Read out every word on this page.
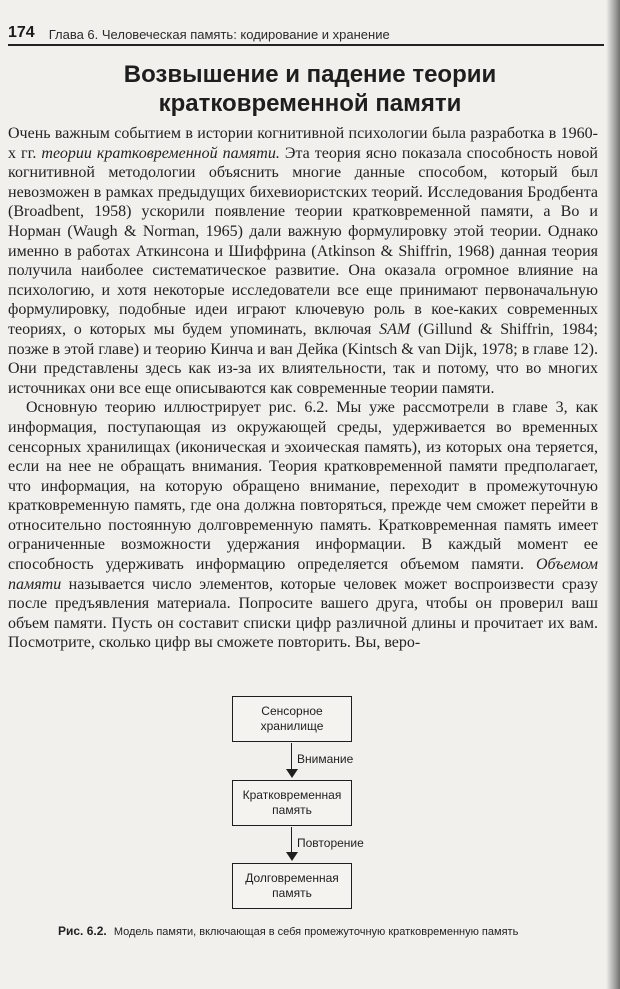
174 Глава 6. Человеческая память: кодирование и хранение
Возвышение и падение теории кратковременной памяти

Очень важным событием в истории когнитивной психологии была разработка в 1960-х гг. теории кратковременной памяти. Эта теория ясно показала способность новой когнитивной методологии объяснить многие данные способом, который был невозможен в рамках предыдущих бихевиористских теорий. Исследования Бродбента (Broadbent, 1958) ускорили появление теории кратковременной памяти, а Во и Норман (Waugh & Norman, 1965) дали важную формулировку этой теории. Однако именно в работах Аткинсона и Шиффрина (Atkinson & Shiffrin, 1968) данная теория получила наиболее систематическое развитие. Она оказала огромное влияние на психологию, и хотя некоторые исследователи все еще принимают первоначальную формулировку, подобные идеи играют ключевую роль в кое-каких современных теориях, о которых мы будем упоминать, включая SAM (Gillund & Shiffrin, 1984; позже в этой главе) и теорию Кинча и ван Дейка (Kintsch & van Dijk, 1978; в главе 12). Они представлены здесь как из-за их влиятельности, так и потому, что во многих источниках они все еще описываются как современные теории памяти.

Основную теорию иллюстрирует рис. 6.2. Мы уже рассмотрели в главе 3, как информация, поступающая из окружающей среды, удерживается во временных сенсорных хранилищах (иконическая и эхоическая память), из которых она теряется, если на нее не обращать внимания. Теория кратковременной памяти предполагает, что информация, на которую обращено внимание, переходит в промежуточную кратковременную память, где она должна повторяться, прежде чем сможет перейти в относительно постоянную долговременную память. Кратковременная память имеет ограниченные возможности удержания информации. В каждый момент ее способность удерживать информацию определяется объемом памяти. Объемом памяти называется число элементов, которые человек может воспроизвести сразу после предъявления материала. Попросите вашего друга, чтобы он проверил ваш объем памяти. Пусть он составит списки цифр различной длины и прочитает их вам. Посмотрите, сколько цифр вы сможете повторить. Вы, веро-

Сенсорное хранилище
Внимание
Кратковременная память
Повторение
Долговременная память
Рис. 6.2. Модель памяти, включающая в себя промежуточную кратковременную память
